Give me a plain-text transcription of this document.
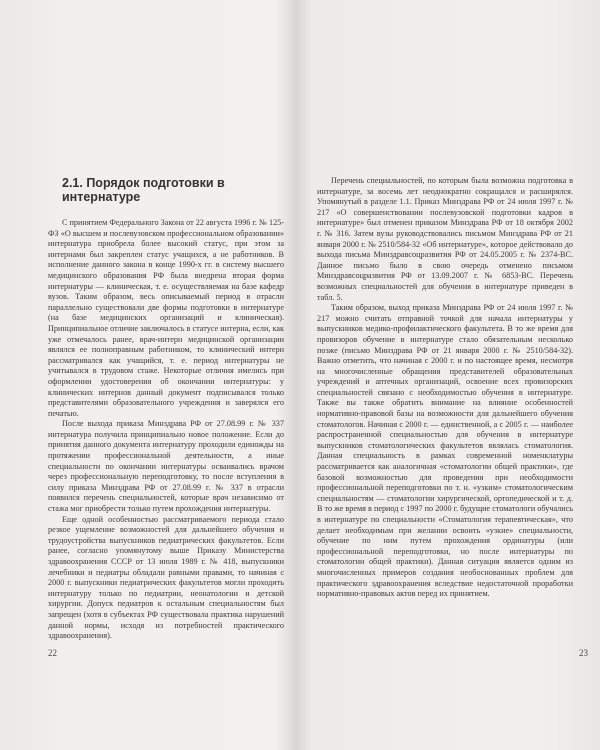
2.1. Порядок подготовки в интернатуре

С принятием Федерального Закона от 22 августа 1996 г. № 125-ФЗ «О высшем и послевузовском профессиональном образовании» интернатура приобрела более высокий статус, при этом за интернами был закреплен статус учащихся, а не работников. В исполнение данного закона в конце 1990-х гг. в систему высшего медицинского образования РФ была внедрена вторая форма интернатуры — клиническая, т. е. осуществляемая на базе кафедр вузов. Таким образом, весь описываемый период в отрасли параллельно существовали две формы подготовки в интернатуре (на базе медицинских организаций и клиническая). Принципиальное отличие заключалось в статусе интерна, если, как уже отмечалось ранее, врач-интерн медицинской организации являлся ее полноправным работником, то клинический интерн рассматривался как учащийся, т. е. период интернатуры не учитывался в трудовом стаже. Некоторые отличия имелись при оформлении удостоверения об окончании интернатуры: у клинических интернов данный документ подписывался только представителями образовательного учреждения и заверялся его печатью.

После выхода приказа Минздрава РФ от 27.08.99 г. № 337 интернатура получила принципиально новое положение. Если до принятия данного документа интернатуру проходили единожды на протяжении профессиональной деятельности, а иные специальности по окончании интернатуры осваивались врачом через профессиональную переподготовку, то после вступления в силу приказа Минздрава РФ от 27.08.99 г. № 337 в отрасли появился перечень специальностей, которые врач независимо от стажа мог приобрести только путем прохождения интернатуры.

Еще одной особенностью рассматриваемого периода стало резкое ущемление возможностей для дальнейшего обучения и трудоустройства выпускников педиатрических факультетов. Если ранее, согласно упомянутому выше Приказу Министерства здравоохранения СССР от 13 июля 1989 г. № 418, выпускники лечебники и педиатры обладали равными правами, то начиная с 2000 г. выпускники педиатрических факультетов могли проходить интернатуру только по педиатрии, неонатологии и детской хирургии. Допуск педиатров к остальным специальностям был запрещен (хотя в субъектах РФ существовала практика нарушений данной нормы, исходя из потребностей практического здравоохранения).

22

Перечень специальностей, по которым была возможна подготовка в интернатуре, за восемь лет неоднократно сокращался и расширялся. Упомянутый в разделе 1.1. Приказ Минздрава РФ от 24 июля 1997 г. № 217 «О совершенствовании послевузовской подготовки кадров в интернатуре» был отменен приказом Минздрава РФ от 18 октября 2002 г. № 316. Затем вузы руководствовались письмом Минздрава РФ от 21 января 2000 г. № 2510/584-32 «Об интернатуре», которое действовало до выхода письма Минздравсоцразвития РФ от 24.05.2005 г. № 2374-ВС. Данное письмо было в свою очередь отменено письмом Минздравсоцразвития РФ от 13.09.2007 г. № 6853-ВС. Перечень возможных специальностей для обучения в интернатуре приведен в табл. 5.

Таким образом, выход приказа Минздрава РФ от 24 июля 1997 г. № 217 можно считать отправной точкой для начала интернатуры у выпускников медико-профилактического факультета. В то же время для провизоров обучение в интернатуре стало обязательным несколько позже (письмо Минздрава РФ от 21 января 2000 г. № 2510/584-32). Важно отметить, что начиная с 2000 г. и по настоящее время, несмотря на многочисленные обращения представителей образовательных учреждений и аптечных организаций, освоение всех провизорских специальностей связано с необходимостью обучения в интернатуре. Также вы также обратить внимание на влияние особенностей нормативно-правовой базы на возможности для дальнейшего обучения стоматологов. Начиная с 2000 г. — единственной, а с 2005 г. — наиболее распространенной специальностью для обучения в интернатуре выпускников стоматологических факультетов являлась стоматология. Данная специальность в рамках современной номенклатуры рассматривается как аналогичная «стоматологии общей практики», где базовой возможностью для проведения при необходимости профессиональной переподготовки по т. н. «узким» стоматологическим специальностям — стоматологии хирургической, ортопедической и т. д. В то же время в период с 1997 по 2000 г. будущие стоматологи обучались в интернатуре по специальности «Стоматология терапевтическая», что делает необходимым при желании освоить «узкие» специальности, обучение по ним путем прохождения ординатуры (или профессиональной переподготовки, но после интернатуры по стоматологии общей практики). Данная ситуация является одним из многочисленных примеров создания необоснованных проблем для практического здравоохранения вследствие недостаточной проработки нормативно-правовых актов перед их принятием.

23
